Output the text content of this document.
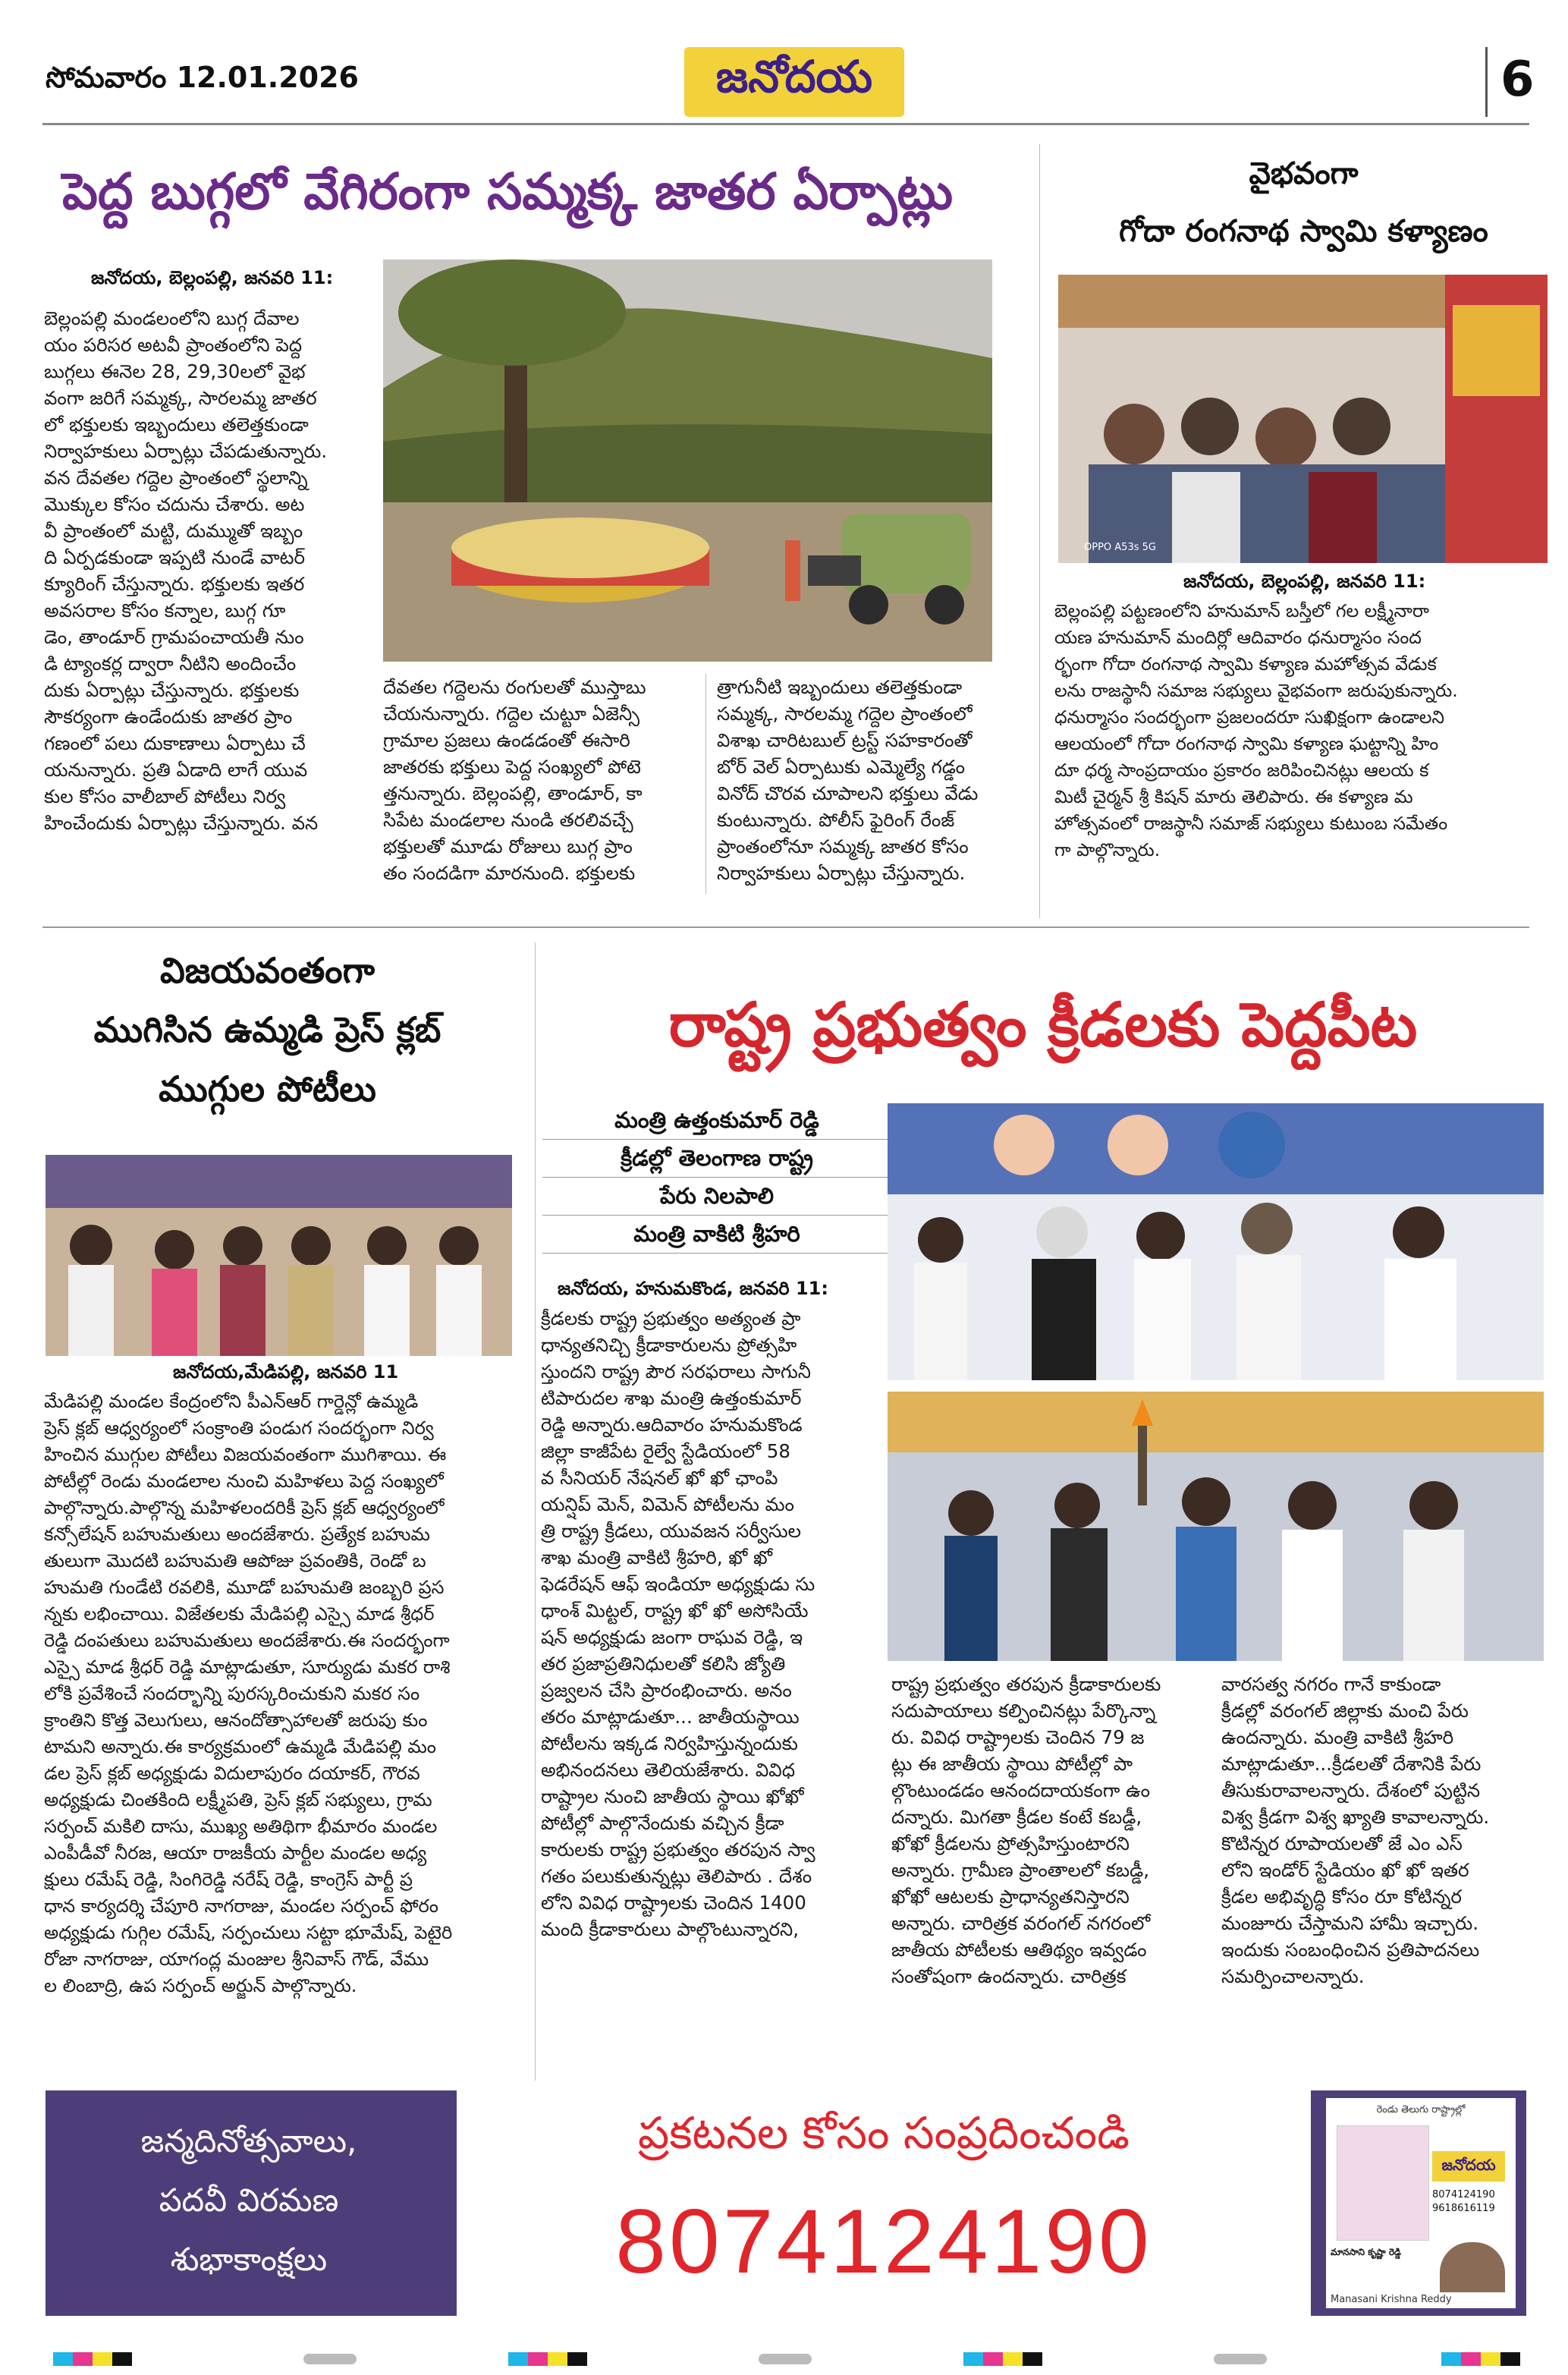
సోమవారం 12.01.2026	జనోదయ	6
పెద్ద బుగ్గలో వేగిరంగా సమ్మక్క జాతర ఏర్పాట్లు
జనోదయ, బెల్లంపల్లి, జనవరి 11:
బెల్లంపల్లి మండలంలోని బుగ్గ దేవాల
యం పరిసర అటవీ ప్రాంతంలోని పెద్ద
బుగ్గలు ఈనెల 28, 29,30లలో వైభ
వంగా జరిగే సమ్మక్క, సారలమ్మ జాతర
లో భక్తులకు ఇబ్బందులు తలెత్తకుండా
నిర్వాహకులు ఏర్పాట్లు చేపడుతున్నారు.
వన దేవతల గద్దెల ప్రాంతంలో స్థలాన్ని
మొక్కుల కోసం చదును చేశారు. అట
వీ ప్రాంతంలో మట్టి, దుమ్ముతో ఇబ్బం
ది ఏర్పడకుండా ఇప్పటి నుండే వాటర్
క్యూరింగ్ చేస్తున్నారు. భక్తులకు ఇతర
అవసరాల కోసం కన్నాల, బుగ్గ గూ
డెం, తాండూర్ గ్రామపంచాయతీ నుం
డి ట్యాంకర్ల ద్వారా నీటిని అందించేం
దుకు ఏర్పాట్లు చేస్తున్నారు. భక్తులకు
సౌకర్యంగా ఉండేందుకు జాతర ప్రాం
గణంలో పలు దుకాణాలు ఏర్పాటు చే
యనున్నారు. ప్రతి ఏడాది లాగే యువ
కుల కోసం వాలీబాల్ పోటీలు నిర్వ
హించేందుకు ఏర్పాట్లు చేస్తున్నారు. వన
దేవతల గద్దెలను రంగులతో ముస్తాబు
చేయనున్నారు. గద్దెల చుట్టూ ఏజెన్సీ
గ్రామాల ప్రజలు ఉండడంతో ఈసారి
జాతరకు భక్తులు పెద్ద సంఖ్యలో పోటె
త్తనున్నారు. బెల్లంపల్లి, తాండూర్, కా
సిపేట మండలాల నుండి తరలివచ్చే
భక్తులతో మూడు రోజులు బుగ్గ ప్రాం
తం సందడిగా మారనుంది. భక్తులకు
త్రాగునీటి ఇబ్బందులు తలెత్తకుండా
సమ్మక్క, సారలమ్మ గద్దెల ప్రాంతంలో
విశాఖ చారిటబుల్ ట్రస్ట్ సహకారంతో
బోర్ వెల్ ఏర్పాటుకు ఎమ్మెల్యే గడ్డం
వినోద్ చొరవ చూపాలని భక్తులు వేడు
కుంటున్నారు. పోలీస్ ఫైరింగ్ రేంజ్
ప్రాంతంలోనూ సమ్మక్క జాతర కోసం
నిర్వాహకులు ఏర్పాట్లు చేస్తున్నారు.
వైభవంగా
గోదా రంగనాథ స్వామి కళ్యాణం
OPPO A53s 5G
జనోదయ, బెల్లంపల్లి, జనవరి 11:
బెల్లంపల్లి పట్టణంలోని హనుమాన్ బస్తీలో గల లక్ష్మీనారా
యణ హనుమాన్ మందిర్లో ఆదివారం ధనుర్మాసం సంద
ర్భంగా గోదా రంగనాథ స్వామి కళ్యాణ మహోత్సవ వేడుక
లను రాజస్థానీ సమాజ సభ్యులు వైభవంగా జరుపుకున్నారు.
ధనుర్మాసం సందర్భంగా ప్రజలందరూ సుఖిక్షంగా ఉండాలని
ఆలయంలో గోదా రంగనాథ స్వామి కళ్యాణ ఘట్టాన్ని హిం
దూ ధర్మ సాంప్రదాయం ప్రకారం జరిపించినట్లు ఆలయ క
మిటీ చైర్మన్ శ్రీ కిషన్ మారు తెలిపారు. ఈ కళ్యాణ మ
హోత్సవంలో రాజస్థానీ సమాజ్ సభ్యులు కుటుంబ సమేతం
గా పాల్గొన్నారు.
విజయవంతంగా
ముగిసిన ఉమ్మడి ప్రెస్ క్లబ్
ముగ్గుల పోటీలు
జనోదయ,మేడిపల్లి, జనవరి 11
మేడిపల్లి మండల కేంద్రంలోని పీఎన్ఆర్ గార్డెన్లో ఉమ్మడి
ప్రెస్ క్లబ్ ఆధ్వర్యంలో సంక్రాంతి పండుగ సందర్భంగా నిర్వ
హించిన ముగ్గుల పోటీలు విజయవంతంగా ముగిశాయి. ఈ
పోటీల్లో రెండు మండలాల నుంచి మహిళలు పెద్ద సంఖ్యలో
పాల్గొన్నారు.పాల్గొన్న మహిళలందరికీ ప్రెస్ క్లబ్ ఆధ్వర్యంలో
కన్సోలేషన్ బహుమతులు అందజేశారు. ప్రత్యేక బహుమ
తులుగా మొదటి బహుమతి ఆపోజు ప్రవంతికి, రెండో బ
హుమతి గుండేటి రవలికి, మూడో బహుమతి జంబ్బరి ప్రస
న్నకు లభించాయి. విజేతలకు మేడిపల్లి ఎస్సై మాడ శ్రీధర్
రెడ్డి దంపతులు బహుమతులు అందజేశారు.ఈ సందర్భంగా
ఎస్సై మాడ శ్రీధర్ రెడ్డి మాట్లాడుతూ, సూర్యుడు మకర రాశి
లోకి ప్రవేశించే సందర్భాన్ని పురస్కరించుకుని మకర సం
క్రాంతిని కొత్త వెలుగులు, ఆనందోత్సాహాలతో జరుపు కుం
టామని అన్నారు.ఈ కార్యక్రమంలో ఉమ్మడి మేడిపల్లి మం
డల ప్రెస్ క్లబ్ అధ్యక్షుడు విదులాపురం దయాకర్, గౌరవ
అధ్యక్షుడు చింతకింది లక్ష్మీపతి, ప్రెస్ క్లబ్ సభ్యులు, గ్రామ
సర్పంచ్ మకిలి దాసు, ముఖ్య అతిథిగా భీమారం మండల
ఎంపీడీవో నీరజ, ఆయా రాజకీయ పార్టీల మండల అధ్య
క్షులు రమేష్ రెడ్డి, సింగిరెడ్డి నరేష్ రెడ్డి, కాంగ్రెస్ పార్టీ ప్ర
ధాన కార్యదర్శి చేపూరి నాగరాజు, మండల సర్పంచ్ ఫోరం
అధ్యక్షుడు గుగ్గిల రమేష్, సర్పంచులు సట్టా భూమేష్, పెటైరి
రోజా నాగరాజు, యాగంద్ల మంజుల శ్రీనివాస్ గౌడ్, వేము
ల లింబాద్రి, ఉప సర్పంచ్ అర్జున్ పాల్గొన్నారు.
రాష్ట్ర ప్రభుత్వం క్రీడలకు పెద్దపీట
మంత్రి ఉత్తంకుమార్ రెడ్డి
క్రీడల్లో తెలంగాణ రాష్ట్ర
పేరు నిలపాలి
మంత్రి వాకిటి శ్రీహరి
జనోదయ, హనుమకొండ, జనవరి 11:
క్రీడలకు రాష్ట్ర ప్రభుత్వం అత్యంత ప్రా
ధాన్యతనిచ్చి క్రీడాకారులను ప్రోత్సహి
స్తుందని రాష్ట్ర పౌర సరఫరాలు సాగునీ
టిపారుదల శాఖ మంత్రి ఉత్తంకుమార్
రెడ్డి అన్నారు.ఆదివారం హనుమకొండ
జిల్లా కాజీపేట రైల్వే స్టేడియంలో 58
వ సీనియర్ నేషనల్ ఖో ఖో ఛాంపి
యన్షిప్ మెన్, విమెన్ పోటీలను మం
త్రి రాష్ట్ర క్రీడలు, యువజన సర్వీసుల
శాఖ మంత్రి వాకిటి శ్రీహరి, ఖో ఖో
ఫెడరేషన్ ఆఫ్ ఇండియా అధ్యక్షుడు సు
ధాంశ్ మిట్టల్, రాష్ట్ర ఖో ఖో అసోసియే
షన్ అధ్యక్షుడు జంగా రాఘవ రెడ్డి, ఇ
తర ప్రజాప్రతినిధులతో కలిసి జ్యోతి
ప్రజ్వలన చేసి ప్రారంభించారు. అనం
తరం మాట్లాడుతూ... జాతీయస్థాయి
పోటీలను ఇక్కడ నిర్వహిస్తున్నందుకు
అభినందనలు తెలియజేశారు. వివిధ
రాష్ట్రాల నుంచి జాతీయ స్థాయి ఖోఖో
పోటీల్లో పాల్గొనేందుకు వచ్చిన క్రీడా
కారులకు రాష్ట్ర ప్రభుత్వం తరపున స్వా
గతం పలుకుతున్నట్లు తెలిపారు . దేశం
లోని వివిధ రాష్ట్రాలకు చెందిన 1400
మంది క్రీడాకారులు పాల్గొంటున్నారని,
రాష్ట్ర ప్రభుత్వం తరపున క్రీడాకారులకు
సదుపాయాలు కల్పించినట్లు పేర్కొన్నా
రు. వివిధ రాష్ట్రాలకు చెందిన 79 జ
ట్లు ఈ జాతీయ స్థాయి పోటీల్లో పా
ల్గొంటుండడం ఆనందదాయకంగా ఉం
దన్నారు. మిగతా క్రీడల కంటే కబడ్డీ,
ఖోఖో క్రీడలను ప్రోత్సహిస్తుంటారని
అన్నారు. గ్రామీణ ప్రాంతాలలో కబడ్డీ,
ఖోఖో ఆటలకు ప్రాధాన్యతనిస్తారని
అన్నారు. చారిత్రక వరంగల్ నగరంలో
జాతీయ పోటీలకు ఆతిథ్యం ఇవ్వడం
సంతోషంగా ఉందన్నారు. చారిత్రక
వారసత్వ నగరం గానే కాకుండా
క్రీడల్లో వరంగల్ జిల్లాకు మంచి పేరు
ఉందన్నారు. మంత్రి వాకిటి శ్రీహరి
మాట్లాడుతూ...క్రీడలతో దేశానికి పేరు
తీసుకురావాలన్నారు. దేశంలో పుట్టిన
విశ్వ క్రీడగా విశ్వ ఖ్యాతి కావాలన్నారు.
కొటిన్నర రూపాయలతో జే ఎం ఎస్
లోని ఇండోర్ స్టేడియం ఖో ఖో ఇతర
క్రీడల అభివృద్ధి కోసం రూ కోటిన్నర
మంజూరు చేస్తామని హామీ ఇచ్చారు.
ఇందుకు సంబంధించిన ప్రతిపాదనలు
సమర్పించాలన్నారు.
జన్మదినోత్సవాలు,
పదవీ విరమణ
శుభాకాంక్షలు
ప్రకటనల కోసం సంప్రదించండి
8074124190
రెండు తెలుగు రాష్ట్రాల్లో
జనోదయ
8074124190
9618616119
మానసాని కృష్ణా రెడ్డి
Manasani Krishna Reddy
